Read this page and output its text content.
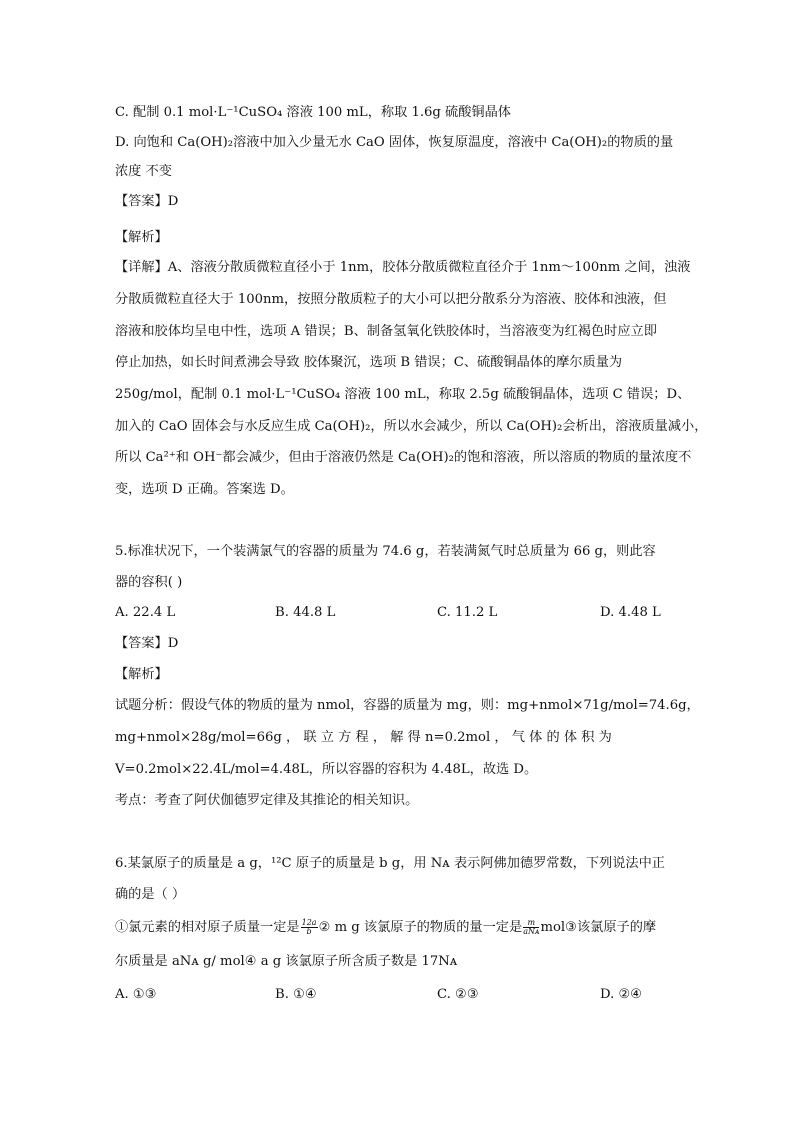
C. 配制 0.1 mol·L⁻¹CuSO₄ 溶液 100 mL，称取 1.6g 硫酸铜晶体
D. 向饱和 Ca(OH)₂溶液中加入少量无水 CaO 固体，恢复原温度，溶液中 Ca(OH)₂的物质的量
浓度 不变
【答案】D
【解析】
【详解】A、溶液分散质微粒直径小于 1nm，胶体分散质微粒直径介于 1nm～100nm 之间，浊液
分散质微粒直径大于 100nm，按照分散质粒子的大小可以把分散系分为溶液、胶体和浊液，但
溶液和胶体均呈电中性，选项 A 错误；B、制备氢氧化铁胶体时，当溶液变为红褐色时应立即
停止加热，如长时间煮沸会导致 胶体聚沉，选项 B 错误；C、硫酸铜晶体的摩尔质量为
250g/mol，配制 0.1 mol·L⁻¹CuSO₄ 溶液 100 mL，称取 2.5g 硫酸铜晶体，选项 C 错误；D、
加入的 CaO 固体会与水反应生成 Ca(OH)₂，所以水会减少，所以 Ca(OH)₂会析出，溶液质量减小，
所以 Ca²⁺和 OH⁻都会减少，但由于溶液仍然是 Ca(OH)₂的饱和溶液，所以溶质的物质的量浓度不
变，选项 D 正确。答案选 D。
5.标准状况下，一个装满氯气的容器的质量为 74.6 g，若装满氮气时总质量为 66 g，则此容
器的容积( )
A. 22.4 L	B. 44.8 L	C. 11.2 L	D. 4.48 L
【答案】D
【解析】
试题分析：假设气体的物质的量为 nmol，容器的质量为 mg，则：mg+nmol×71g/mol=74.6g，
mg+nmol×28g/mol=66g ， 联 立 方 程 ， 解 得 n=0.2mol ， 气 体 的 体 积 为
V=0.2mol×22.4L/mol=4.48L，所以容器的容积为 4.48L，故选 D。
考点：考查了阿伏伽德罗定律及其推论的相关知识。
6.某氯原子的质量是 a g，¹²C 原子的质量是 b g，用 Nᴀ 表示阿佛加德罗常数，下列说法中正
确的是（ ）
①氯元素的相对原子质量一定是 $\frac{12a}{b}$ ② m g 该氯原子的物质的量一定是 $\frac{m}{\text{aNᴀ}}$ mol③该氯原子的摩
尔质量是 aNᴀ g/ mol④ a g 该氯原子所含质子数是 17Nᴀ
A. ①③	B. ①④	C. ②③	D. ②④
